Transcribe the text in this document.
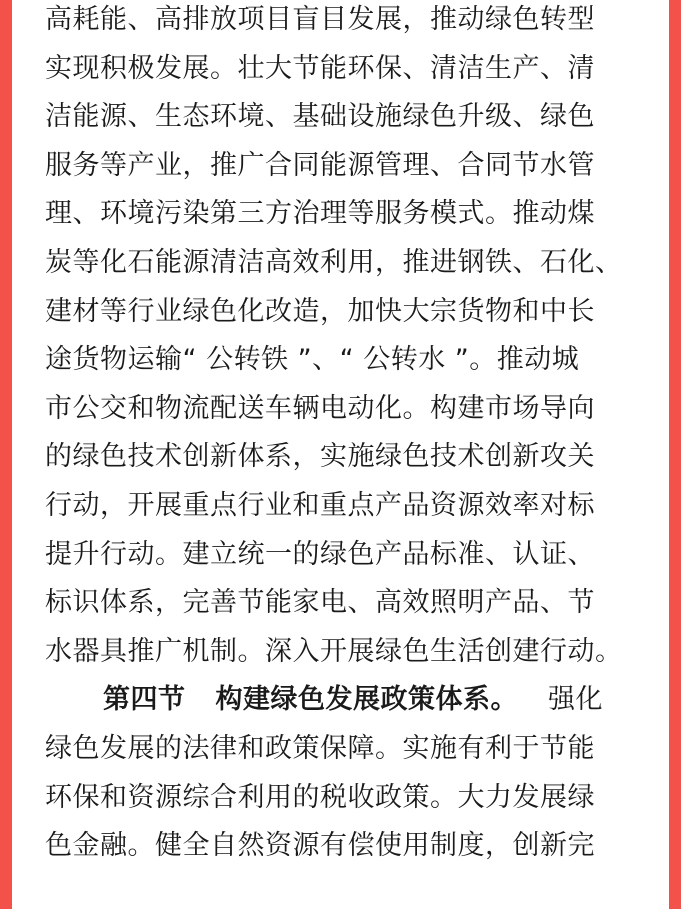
高耗能、高排放项目盲目发展，推动绿色转型
实现积极发展。壮大节能环保、清洁生产、清
洁能源、生态环境、基础设施绿色升级、绿色
服务等产业，推广合同能源管理、合同节水管
理、环境污染第三方治理等服务模式。推动煤
炭等化石能源清洁高效利用，推进钢铁、石化、
建材等行业绿色化改造，加快大宗货物和中长
途货物运输“ 公转铁 ”、“ 公转水 ”。推动城
市公交和物流配送车辆电动化。构建市场导向
的绿色技术创新体系，实施绿色技术创新攻关
行动，开展重点行业和重点产品资源效率对标
提升行动。建立统一的绿色产品标准、认证、
标识体系，完善节能家电、高效照明产品、节
水器具推广机制。深入开展绿色生活创建行动。
第四节 构建绿色发展政策体系。 强化
绿色发展的法律和政策保障。实施有利于节能
环保和资源综合利用的税收政策。大力发展绿
色金融。健全自然资源有偿使用制度，创新完
